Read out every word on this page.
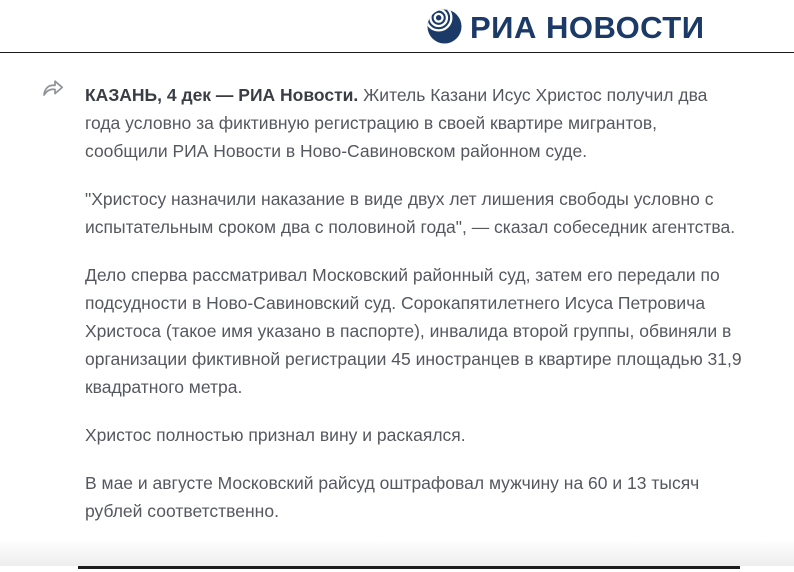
РИА НОВОСТИ

КАЗАНЬ, 4 дек — РИА Новости. Житель Казани Исус Христос получил два года условно за фиктивную регистрацию в своей квартире мигрантов, сообщили РИА Новости в Ново-Савиновском районном суде.

"Христосу назначили наказание в виде двух лет лишения свободы условно с испытательным сроком два с половиной года", — сказал собеседник агентства.

Дело сперва рассматривал Московский районный суд, затем его передали по подсудности в Ново-Савиновский суд. Сорокапятилетнего Исуса Петровича Христоса (такое имя указано в паспорте), инвалида второй группы, обвиняли в организации фиктивной регистрации 45 иностранцев в квартире площадью 31,9 квадратного метра.

Христос полностью признал вину и раскаялся.

В мае и августе Московский райсуд оштрафовал мужчину на 60 и 13 тысяч рублей соответственно.
